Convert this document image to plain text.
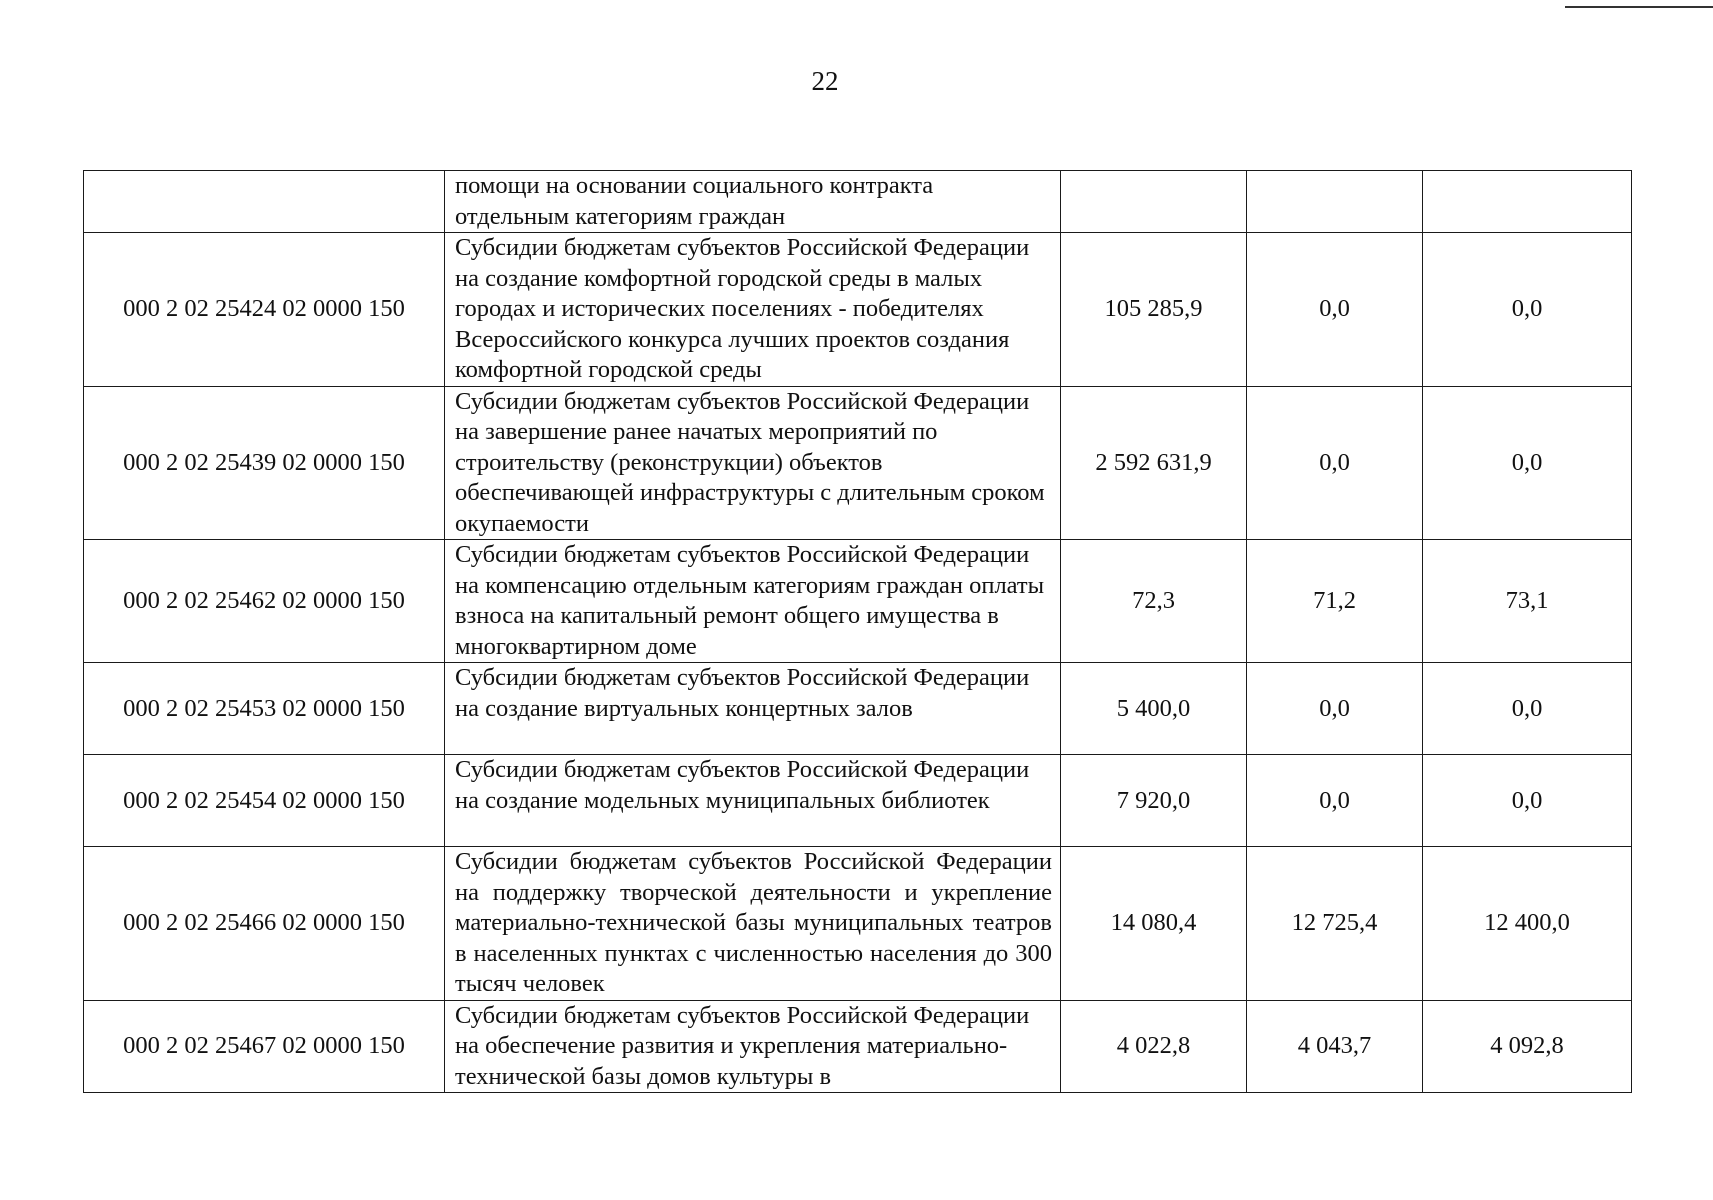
22
	помощи на основании социального контракта отдельным категориям граждан			
000 2 02 25424 02 0000 150	Субсидии бюджетам субъектов Российской Федерации на создание комфортной городской среды в малых городах и исторических поселениях - победителях Всероссийского конкурса лучших проектов создания комфортной городской среды	105 285,9	0,0	0,0
000 2 02 25439 02 0000 150	Субсидии бюджетам субъектов Российской Федерации на завершение ранее начатых мероприятий по строительству (реконструкции) объектов обеспечивающей инфраструктуры с длительным сроком окупаемости	2 592 631,9	0,0	0,0
000 2 02 25462 02 0000 150	Субсидии бюджетам субъектов Российской Федерации на компенсацию отдельным категориям граждан оплаты взноса на капитальный ремонт общего имущества в многоквартирном доме	72,3	71,2	73,1
000 2 02 25453 02 0000 150	Субсидии бюджетам субъектов Российской Федерации на создание виртуальных концертных залов	5 400,0	0,0	0,0
000 2 02 25454 02 0000 150	Субсидии бюджетам субъектов Российской Федерации на создание модельных муниципальных библиотек	7 920,0	0,0	0,0
000 2 02 25466 02 0000 150	Субсидии бюджетам субъектов Российской Федерации на поддержку творческой деятельности и укрепление материально-технической базы муниципальных театров в населенных пунктах с численностью населения до 300 тысяч человек	14 080,4	12 725,4	12 400,0
000 2 02 25467 02 0000 150	Субсидии бюджетам субъектов Российской Федерации на обеспечение развития и укрепления материально-технической базы домов культуры в	4 022,8	4 043,7	4 092,8
